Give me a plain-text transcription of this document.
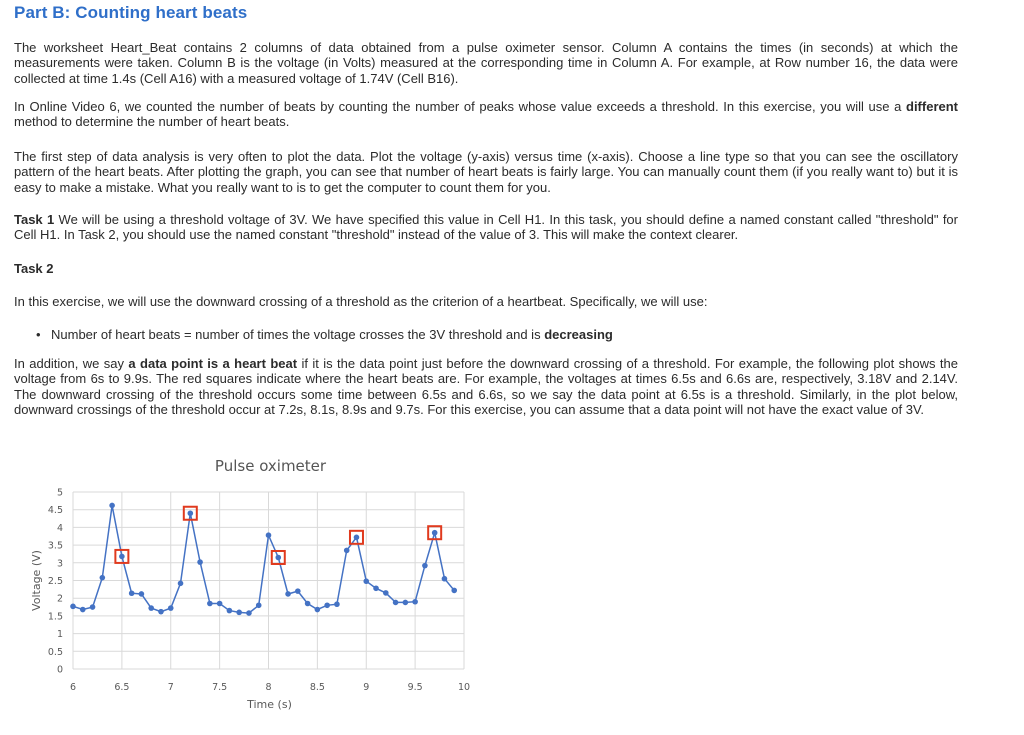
Part B: Counting heart beats

The worksheet Heart_Beat contains 2 columns of data obtained from a pulse oximeter sensor. Column A contains the times (in seconds) at which the measurements were taken. Column B is the voltage (in Volts) measured at the corresponding time in Column A. For example, at Row number 16, the data were collected at time 1.4s (Cell A16) with a measured voltage of 1.74V (Cell B16).

In Online Video 6, we counted the number of beats by counting the number of peaks whose value exceeds a threshold. In this exercise, you will use a different method to determine the number of heart beats.

The first step of data analysis is very often to plot the data. Plot the voltage (y-axis) versus time (x-axis). Choose a line type so that you can see the oscillatory pattern of the heart beats. After plotting the graph, you can see that number of heart beats is fairly large. You can manually count them (if you really want to) but it is easy to make a mistake. What you really want to is to get the computer to count them for you.

Task 1 We will be using a threshold voltage of 3V. We have specified this value in Cell H1. In this task, you should define a named constant called "threshold" for Cell H1. In Task 2, you should use the named constant "threshold" instead of the value of 3. This will make the context clearer.

Task 2

In this exercise, we will use the downward crossing of a threshold as the criterion of a heartbeat. Specifically, we will use:

• Number of heart beats = number of times the voltage crosses the 3V threshold and is decreasing

In addition, we say a data point is a heart beat if it is the data point just before the downward crossing of a threshold. For example, the following plot shows the voltage from 6s to 9.9s. The red squares indicate where the heart beats are. For example, the voltages at times 6.5s and 6.6s are, respectively, 3.18V and 2.14V. The downward crossing of the threshold occurs some time between 6.5s and 6.6s, so we say the data point at 6.5s is a threshold. Similarly, in the plot below, downward crossings of the threshold occur at 7.2s, 8.1s, 8.9s and 9.7s. For this exercise, you can assume that a data point will not have the exact value of 3V.

Pulse oximeter
0
0.5
1
1.5
2
2.5
3
3.5
4
4.5
5
6	6.5	7	7.5	8	8.5	9	9.5	10
Time (s)
Voltage (V)
